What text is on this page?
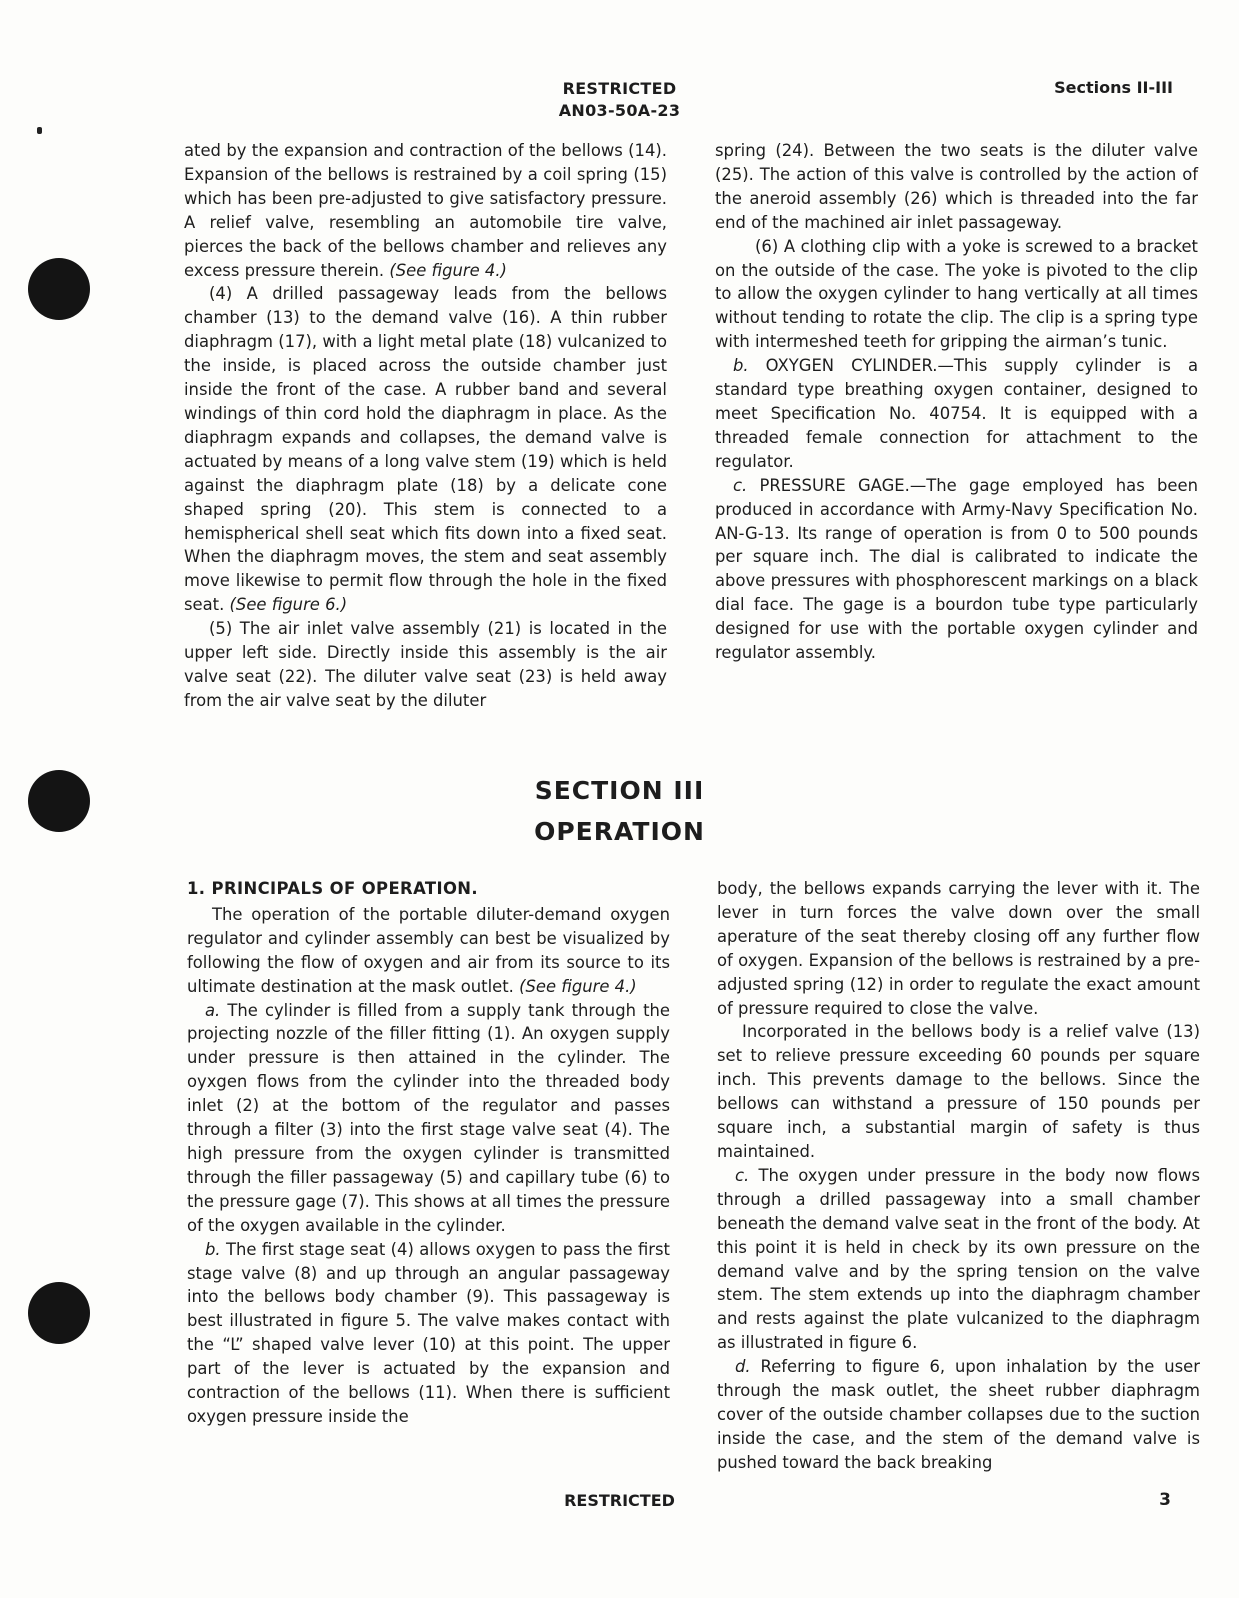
RESTRICTED
AN03-50A-23
Sections II-III

ated by the expansion and contraction of the bellows (14). Expansion of the bellows is restrained by a coil spring (15) which has been pre-adjusted to give satisfactory pressure. A relief valve, resembling an automobile tire valve, pierces the back of the bellows chamber and relieves any excess pressure therein. (See figure 4.)

(4) A drilled passageway leads from the bellows chamber (13) to the demand valve (16). A thin rubber diaphragm (17), with a light metal plate (18) vulcanized to the inside, is placed across the outside chamber just inside the front of the case. A rubber band and several windings of thin cord hold the diaphragm in place. As the diaphragm expands and collapses, the demand valve is actuated by means of a long valve stem (19) which is held against the diaphragm plate (18) by a delicate cone shaped spring (20). This stem is connected to a hemispherical shell seat which fits down into a fixed seat. When the diaphragm moves, the stem and seat assembly move likewise to permit flow through the hole in the fixed seat. (See figure 6.)

(5) The air inlet valve assembly (21) is located in the upper left side. Directly inside this assembly is the air valve seat (22). The diluter valve seat (23) is held away from the air valve seat by the diluter

spring (24). Between the two seats is the diluter valve (25). The action of this valve is controlled by the action of the aneroid assembly (26) which is threaded into the far end of the machined air inlet passageway.

(6) A clothing clip with a yoke is screwed to a bracket on the outside of the case. The yoke is pivoted to the clip to allow the oxygen cylinder to hang vertically at all times without tending to rotate the clip. The clip is a spring type with intermeshed teeth for gripping the airman’s tunic.

b. OXYGEN CYLINDER.—This supply cylinder is a standard type breathing oxygen container, designed to meet Specification No. 40754. It is equipped with a threaded female connection for attachment to the regulator.

c. PRESSURE GAGE.—The gage employed has been produced in accordance with Army-Navy Specification No. AN-G-13. Its range of operation is from 0 to 500 pounds per square inch. The dial is calibrated to indicate the above pressures with phosphorescent markings on a black dial face. The gage is a bourdon tube type particularly designed for use with the portable oxygen cylinder and regulator assembly.

SECTION III
OPERATION

1. PRINCIPALS OF OPERATION.

The operation of the portable diluter-demand oxygen regulator and cylinder assembly can best be visualized by following the flow of oxygen and air from its source to its ultimate destination at the mask outlet. (See figure 4.)

a. The cylinder is filled from a supply tank through the projecting nozzle of the filler fitting (1). An oxygen supply under pressure is then attained in the cylinder. The oyxgen flows from the cylinder into the threaded body inlet (2) at the bottom of the regulator and passes through a filter (3) into the first stage valve seat (4). The high pressure from the oxygen cylinder is transmitted through the filler passageway (5) and capillary tube (6) to the pressure gage (7). This shows at all times the pressure of the oxygen available in the cylinder.

b. The first stage seat (4) allows oxygen to pass the first stage valve (8) and up through an angular passageway into the bellows body chamber (9). This passageway is best illustrated in figure 5. The valve makes contact with the “L” shaped valve lever (10) at this point. The upper part of the lever is actuated by the expansion and contraction of the bellows (11). When there is sufficient oxygen pressure inside the

body, the bellows expands carrying the lever with it. The lever in turn forces the valve down over the small aperature of the seat thereby closing off any further flow of oxygen. Expansion of the bellows is restrained by a pre-adjusted spring (12) in order to regulate the exact amount of pressure required to close the valve.

Incorporated in the bellows body is a relief valve (13) set to relieve pressure exceeding 60 pounds per square inch. This prevents damage to the bellows. Since the bellows can withstand a pressure of 150 pounds per square inch, a substantial margin of safety is thus maintained.

c. The oxygen under pressure in the body now flows through a drilled passageway into a small chamber beneath the demand valve seat in the front of the body. At this point it is held in check by its own pressure on the demand valve and by the spring tension on the valve stem. The stem extends up into the diaphragm chamber and rests against the plate vulcanized to the diaphragm as illustrated in figure 6.

d. Referring to figure 6, upon inhalation by the user through the mask outlet, the sheet rubber diaphragm cover of the outside chamber collapses due to the suction inside the case, and the stem of the demand valve is pushed toward the back breaking

RESTRICTED	3
